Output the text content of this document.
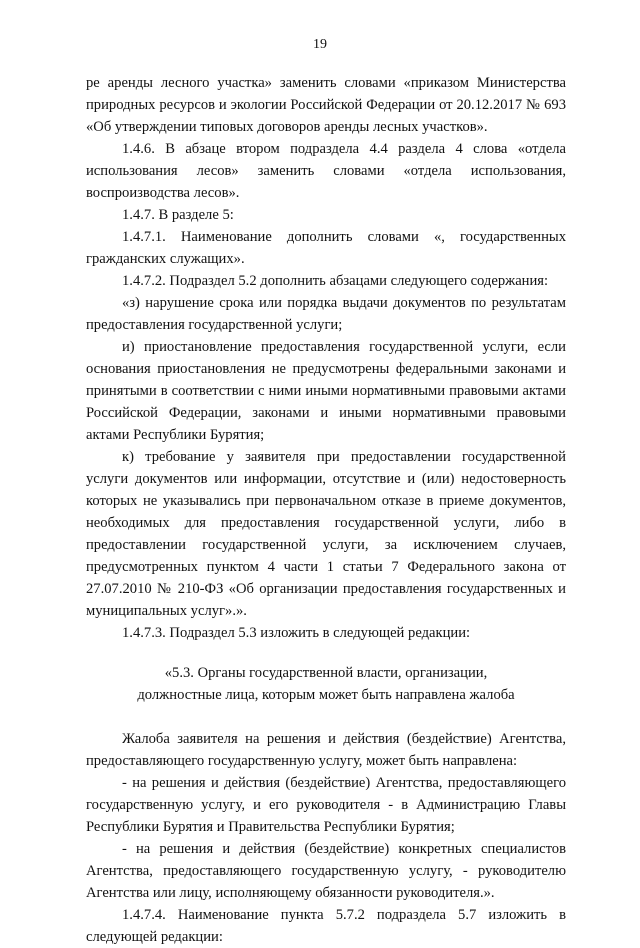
19

ре аренды лесного участка» заменить словами «приказом Министерства природных ресурсов и экологии Российской Федерации от 20.12.2017 № 693 «Об утверждении типовых договоров аренды лесных участков».

1.4.6. В абзаце втором подраздела 4.4 раздела 4 слова «отдела использования лесов» заменить словами «отдела использования, воспроизводства лесов».

1.4.7. В разделе 5:

1.4.7.1. Наименование дополнить словами «, государственных гражданских служащих».

1.4.7.2. Подраздел 5.2 дополнить абзацами следующего содержания:

«з) нарушение срока или порядка выдачи документов по результатам предоставления государственной услуги;

и) приостановление предоставления государственной услуги, если основания приостановления не предусмотрены федеральными законами и принятыми в соответствии с ними иными нормативными правовыми актами Российской Федерации, законами и иными нормативными правовыми актами Республики Бурятия;

к) требование у заявителя при предоставлении государственной услуги документов или информации, отсутствие и (или) недостоверность которых не указывались при первоначальном отказе в приеме документов, необходимых для предоставления государственной услуги, либо в предоставлении государственной услуги, за исключением случаев, предусмотренных пунктом 4 части 1 статьи 7 Федерального закона от 27.07.2010 № 210-ФЗ «Об организации предоставления государственных и муниципальных услуг».».

1.4.7.3. Подраздел 5.3 изложить в следующей редакции:

«5.3. Органы государственной власти, организации,

должностные лица, которым может быть направлена жалоба

Жалоба заявителя на решения и действия (бездействие) Агентства, предоставляющего государственную услугу, может быть направлена:

- на решения и действия (бездействие) Агентства, предоставляющего государственную услугу, и его руководителя - в Администрацию Главы Республики Бурятия и Правительства Республики Бурятия;

- на решения и действия (бездействие) конкретных специалистов Агентства, предоставляющего государственную услугу, - руководителю Агентства или лицу, исполняющему обязанности руководителя.».

1.4.7.4. Наименование пункта 5.7.2 подраздела 5.7 изложить в следующей редакции:
